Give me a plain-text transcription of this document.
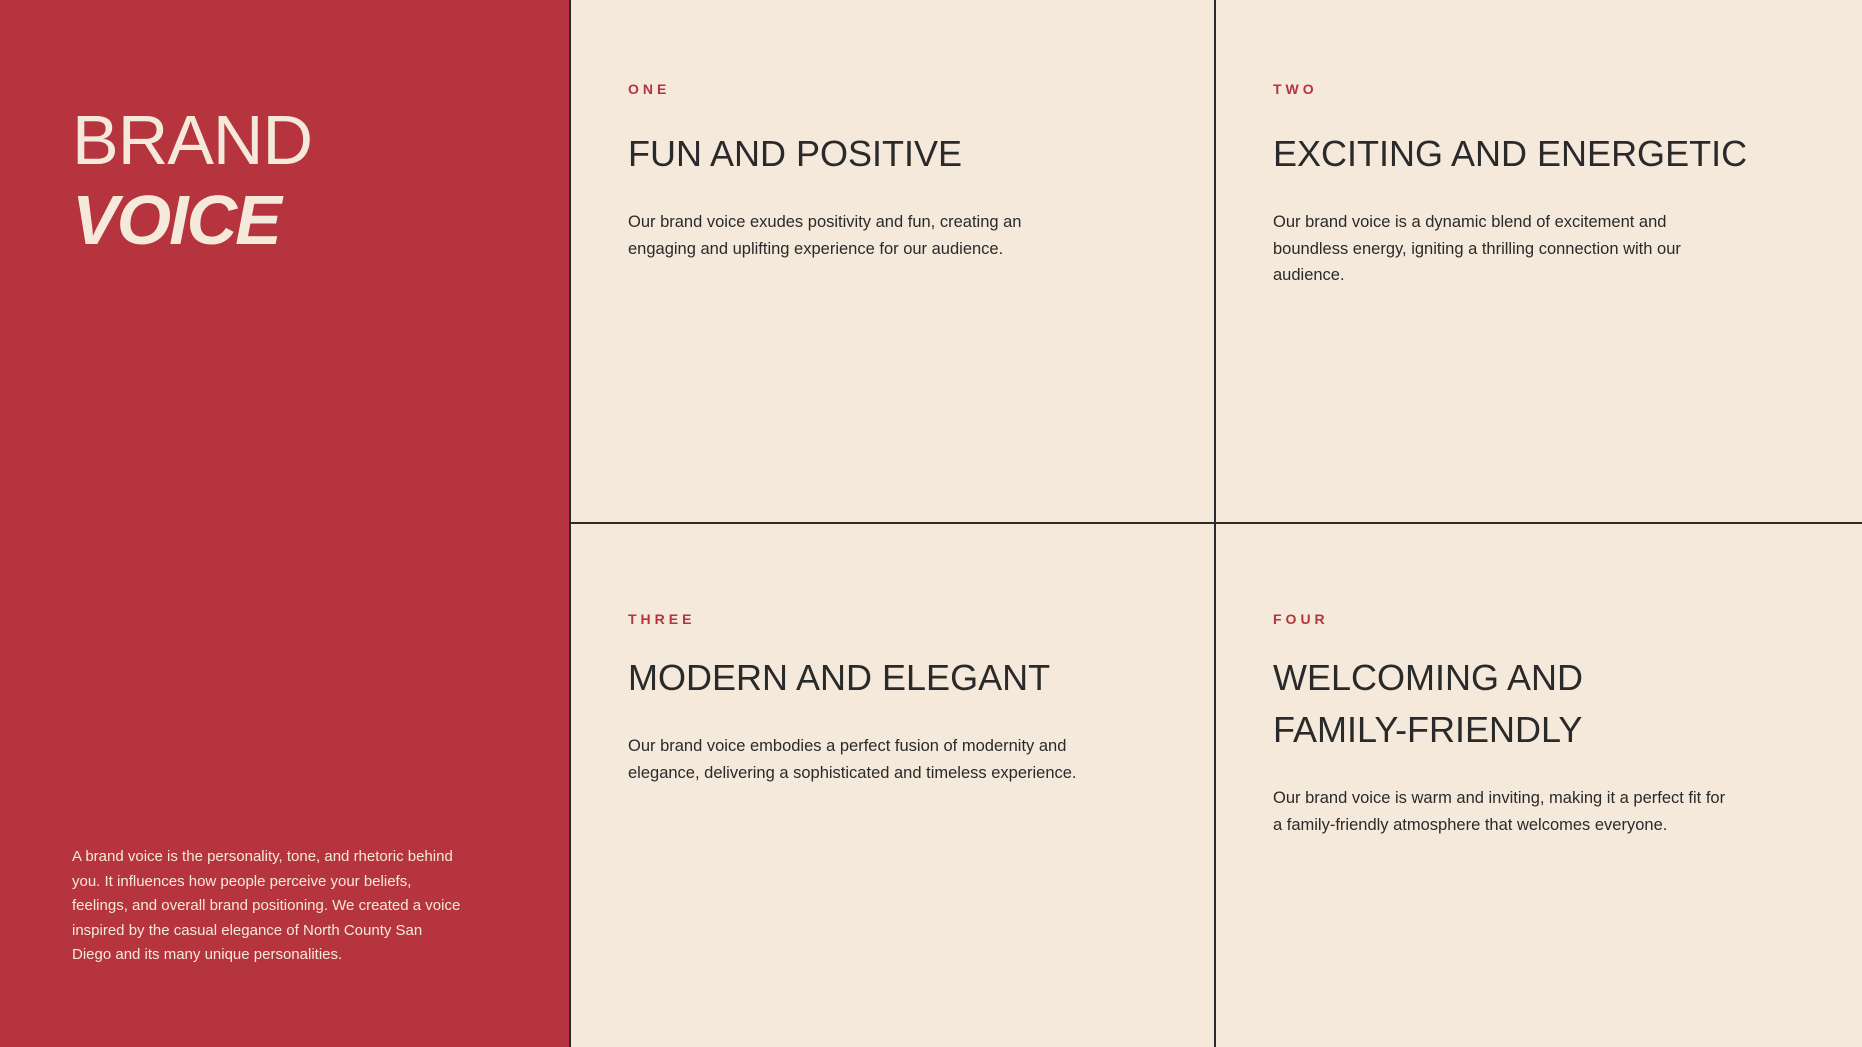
BRAND
VOICE

A brand voice is the personality, tone, and rhetoric behind you. It influences how people perceive your beliefs, feelings, and overall brand positioning. We created a voice inspired by the casual elegance of North County San Diego and its many unique personalities.

ONE

FUN AND POSITIVE

Our brand voice exudes positivity and fun, creating an engaging and uplifting experience for our audience.

TWO

EXCITING AND ENERGETIC

Our brand voice is a dynamic blend of excitement and boundless energy, igniting a thrilling connection with our audience.

THREE

MODERN AND ELEGANT

Our brand voice embodies a perfect fusion of modernity and elegance, delivering a sophisticated and timeless experience.

FOUR

WELCOMING AND FAMILY-FRIENDLY

Our brand voice is warm and inviting, making it a perfect fit for a family-friendly atmosphere that welcomes everyone.
